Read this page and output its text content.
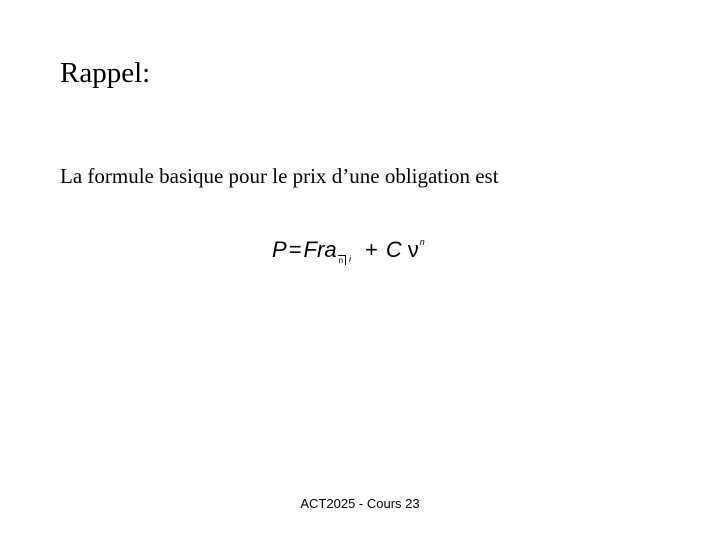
Rappel:
La formule basique pour le prix d’une obligation est
P = Fr a n i + C ν n
ACT2025 - Cours 23
